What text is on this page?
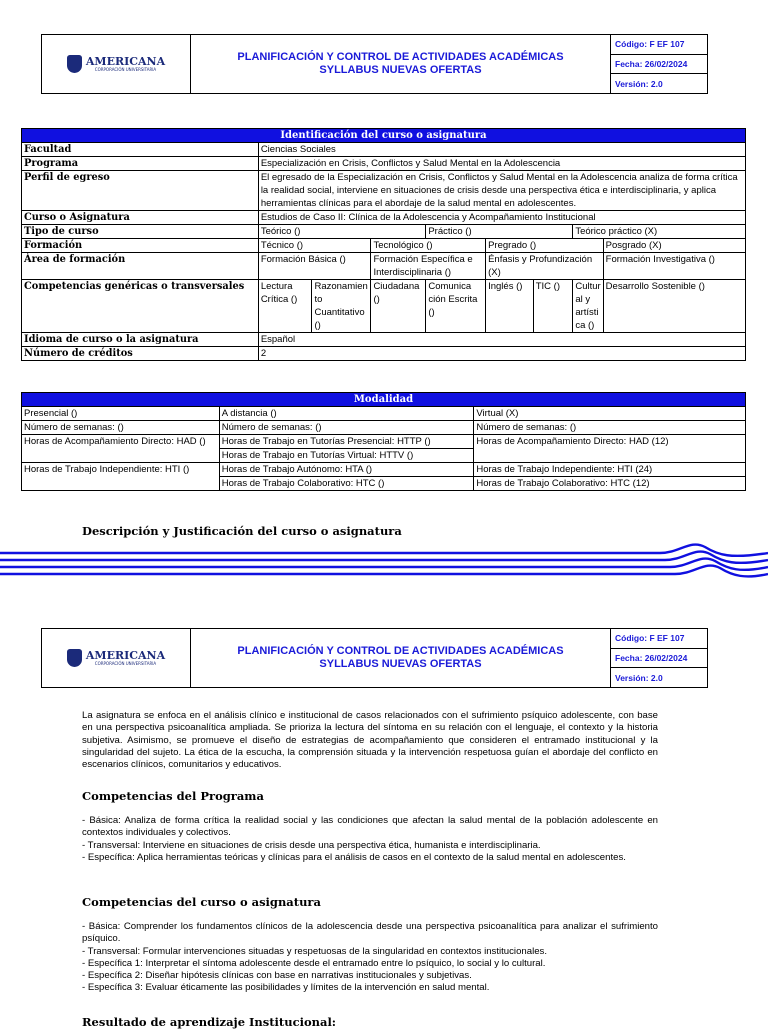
AMERICANA
CORPORACIÓN UNIVERSITARIA
PLANIFICACIÓN Y CONTROL DE ACTIVIDADES ACADÉMICAS
SYLLABUS NUEVAS OFERTAS
Código: F EF 107
Fecha: 26/02/2024
Versión: 2.0
Identificación del curso o asignatura								
Facultad	Ciencias Sociales							
Programa	Especialización en Crisis, Conflictos y Salud Mental en la Adolescencia							
Perfil de egreso	El egresado de la Especialización en Crisis, Conflictos y Salud Mental en la Adolescencia analiza de forma crítica la realidad social, interviene en situaciones de crisis desde una perspectiva ética e interdisciplinaria, y aplica herramientas clínicas para el abordaje de la salud mental en adolescentes.							
Curso o Asignatura	Estudios de Caso II: Clínica de la Adolescencia y Acompañamiento Institucional							
Tipo de curso	Teórico ()			Práctico ()			Teórico práctico (X)	
Formación	Técnico ()		Tecnológico ()		Pregrado ()			Posgrado (X)
Área de formación	Formación Básica ()		Formación Específica e Interdisciplinaria ()		Énfasis y Profundización (X)			Formación Investigativa ()
Competencias genéricas o transversales	Lectura Crítica ()	Razonamien to Cuantitativo ()	Ciudadana ()	Comunica ción Escrita ()	Inglés ()	TIC ()	Cultur al y artísti ca ()	Desarrollo Sostenible ()
Idioma de curso o la asignatura	Español							
Número de créditos	2							
Modalidad		
Presencial ()	A distancia ()	Virtual (X)
Número de semanas: ()	Número de semanas: ()	Número de semanas: ()
Horas de Acompañamiento Directo: HAD ()	Horas de Trabajo en Tutorías Presencial: HTTP ()	Horas de Acompañamiento Directo: HAD (12)
	Horas de Trabajo en Tutorías Virtual: HTTV ()	
Horas de Trabajo Independiente: HTI ()	Horas de Trabajo Autónomo: HTA ()	Horas de Trabajo Independiente: HTI (24)
	Horas de Trabajo Colaborativo: HTC ()	Horas de Trabajo Colaborativo: HTC (12)
Descripción y Justificación del curso o asignatura
AMERICANA
CORPORACIÓN UNIVERSITARIA
PLANIFICACIÓN Y CONTROL DE ACTIVIDADES ACADÉMICAS
SYLLABUS NUEVAS OFERTAS
Código: F EF 107
Fecha: 26/02/2024
Versión: 2.0

La asignatura se enfoca en el análisis clínico e institucional de casos relacionados con el sufrimiento psíquico adolescente, con base en una perspectiva psicoanalítica ampliada. Se prioriza la lectura del síntoma en su relación con el lenguaje, el contexto y la historia subjetiva. Asimismo, se promueve el diseño de estrategias de acompañamiento que consideren el entramado institucional y la singularidad del sujeto. La ética de la escucha, la comprensión situada y la intervención respetuosa guían el abordaje del conflicto en escenarios clínicos, comunitarios y educativos.

Competencias del Programa

- Básica: Analiza de forma crítica la realidad social y las condiciones que afectan la salud mental de la población adolescente en contextos individuales y colectivos.

- Transversal: Interviene en situaciones de crisis desde una perspectiva ética, humanista e interdisciplinaria.

- Específica: Aplica herramientas teóricas y clínicas para el análisis de casos en el contexto de la salud mental en adolescentes.

Competencias del curso o asignatura

- Básica: Comprender los fundamentos clínicos de la adolescencia desde una perspectiva psicoanalítica para analizar el sufrimiento psíquico.

- Transversal: Formular intervenciones situadas y respetuosas de la singularidad en contextos institucionales.

- Específica 1: Interpretar el síntoma adolescente desde el entramado entre lo psíquico, lo social y lo cultural.

- Específica 2: Diseñar hipótesis clínicas con base en narrativas institucionales y subjetivas.

- Específica 3: Evaluar éticamente las posibilidades y límites de la intervención en salud mental.

Resultado de aprendizaje Institucional:
